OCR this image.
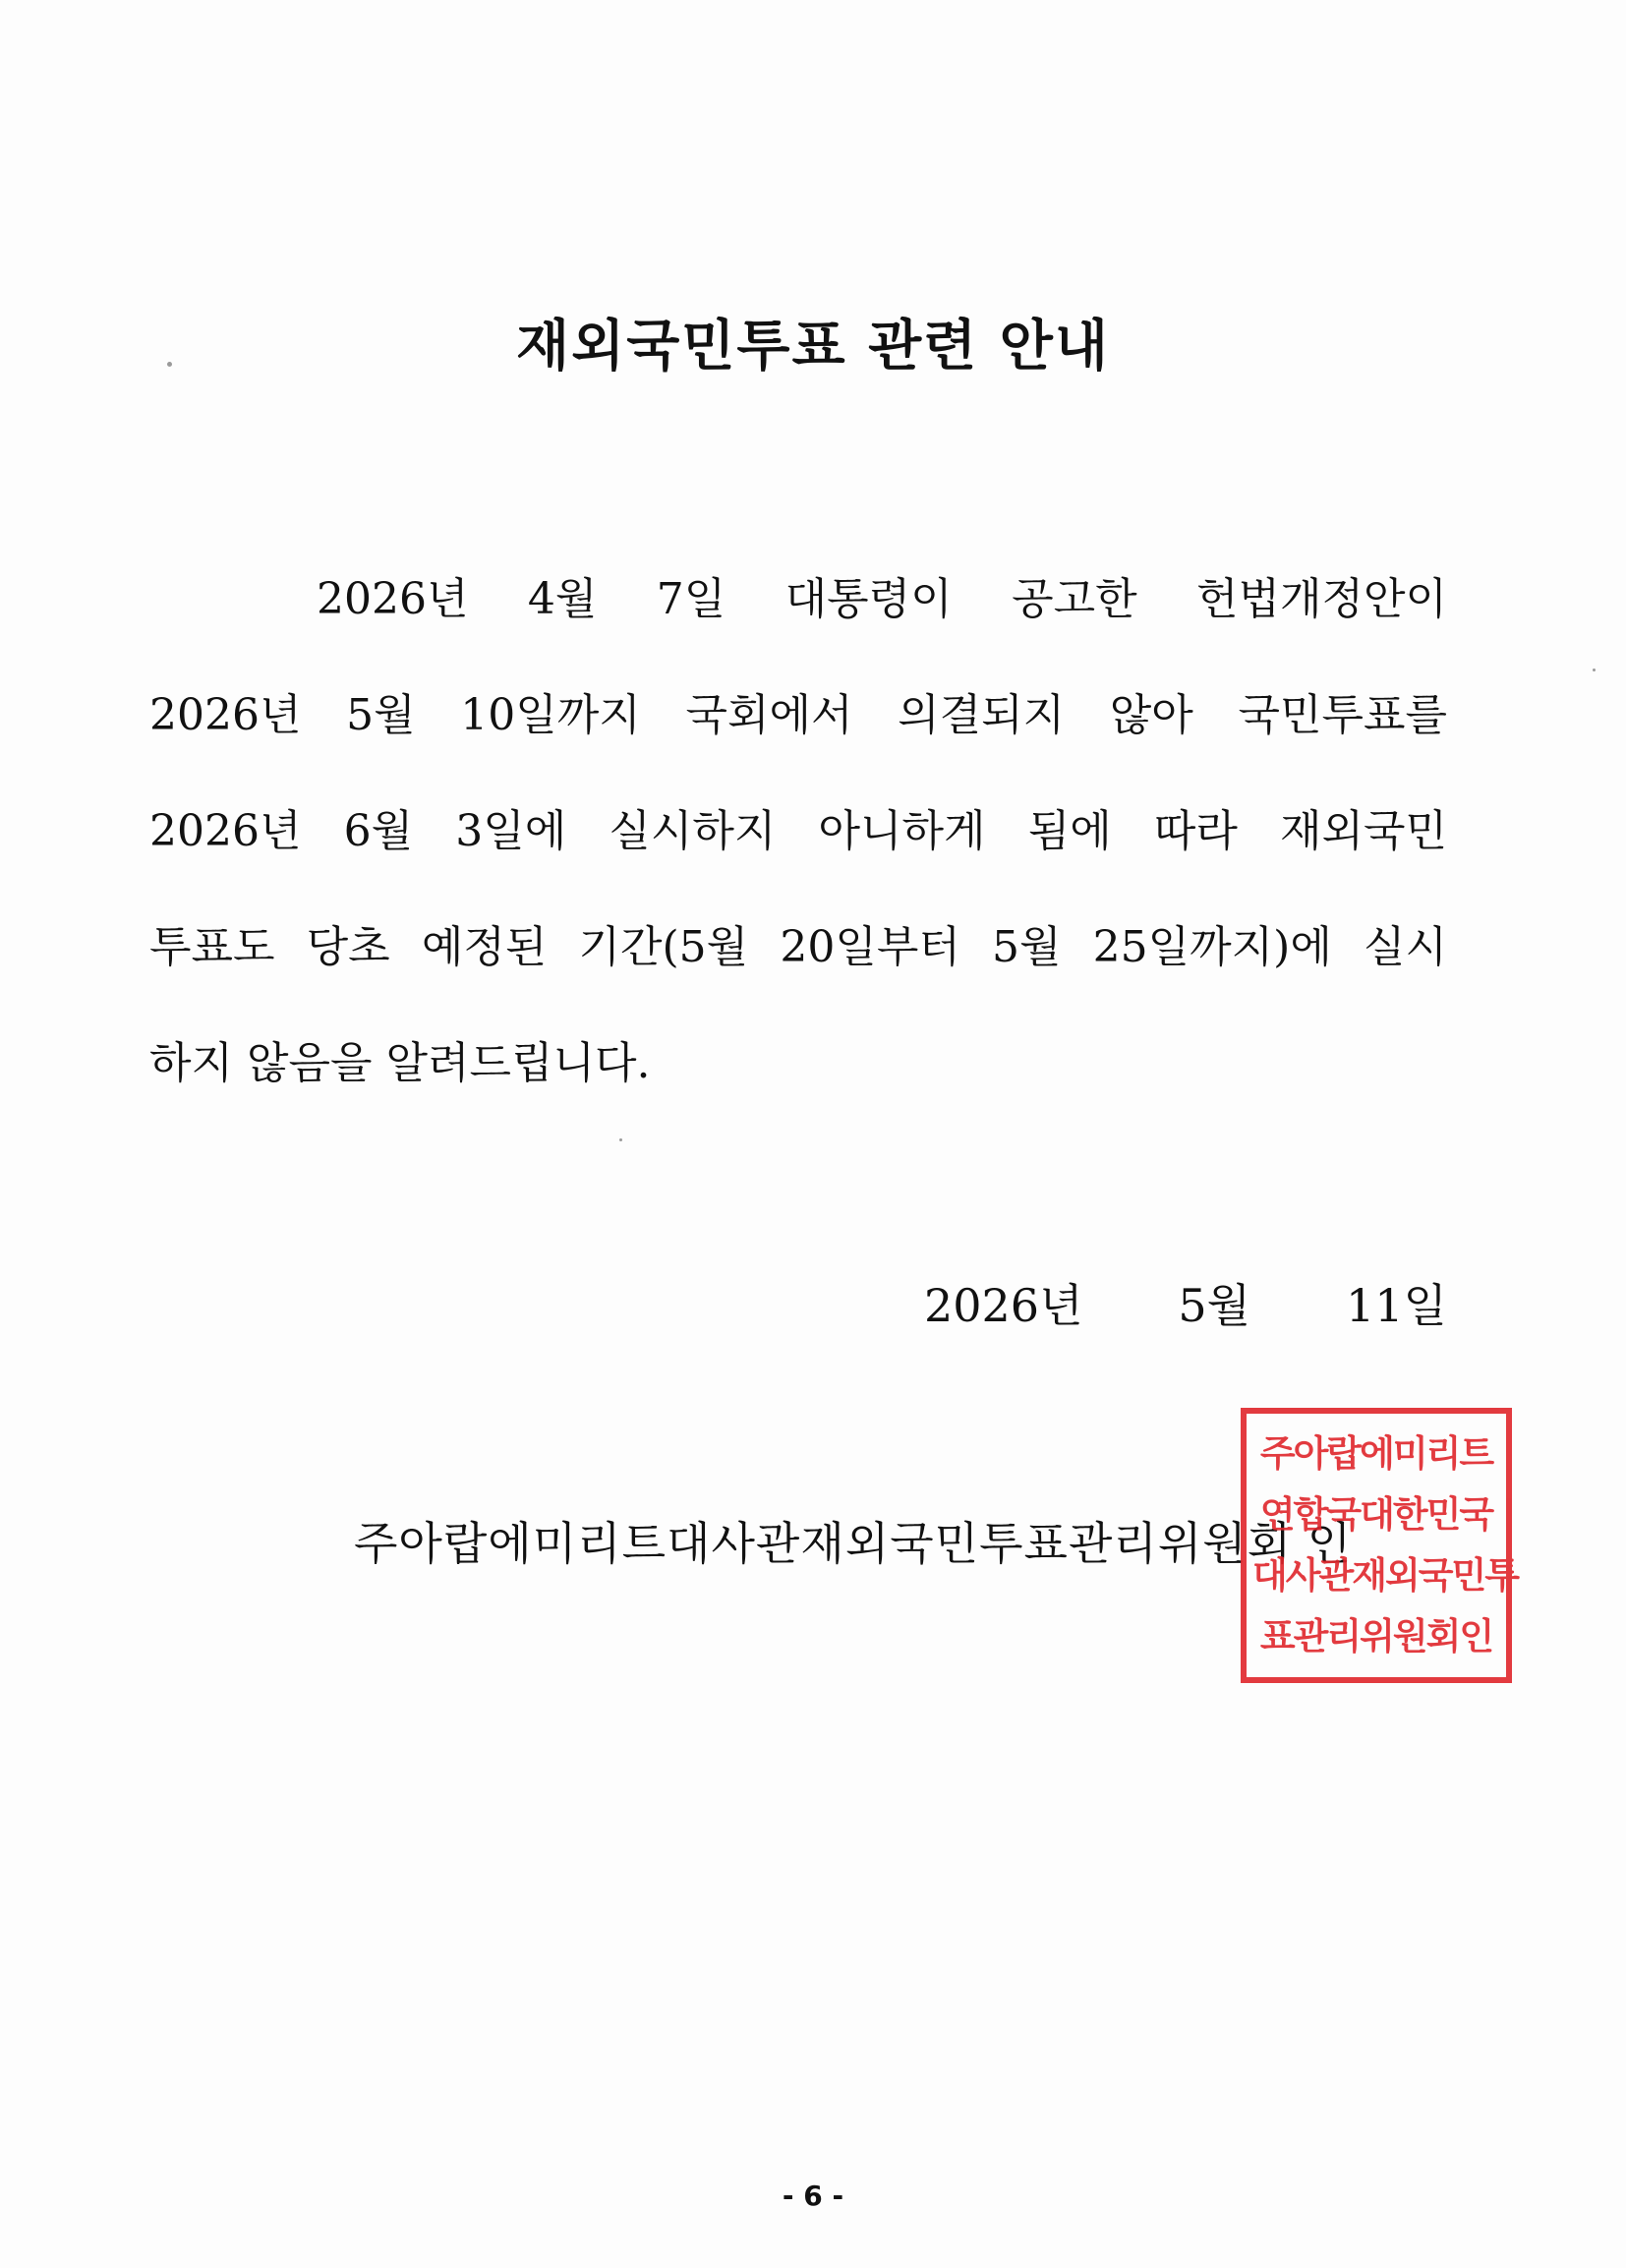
재외국민투표 관련 안내
2026년 4월 7일 대통령이 공고한 헌법개정안이
2026년 5월 10일까지 국회에서 의결되지 않아 국민투표를
2026년 6월 3일에 실시하지 아니하게 됨에 따라 재외국민
투표도 당초 예정된 기간(5월 20일부터 5월 25일까지)에 실시
하지 않음을 알려드립니다.
2026년 5월 11일
주아랍에미리트대사관재외국민투표관리위원회 인
주아랍에미리트
연합국대한민국
대사관재외국민투
표관리위원회인
- 6 -
